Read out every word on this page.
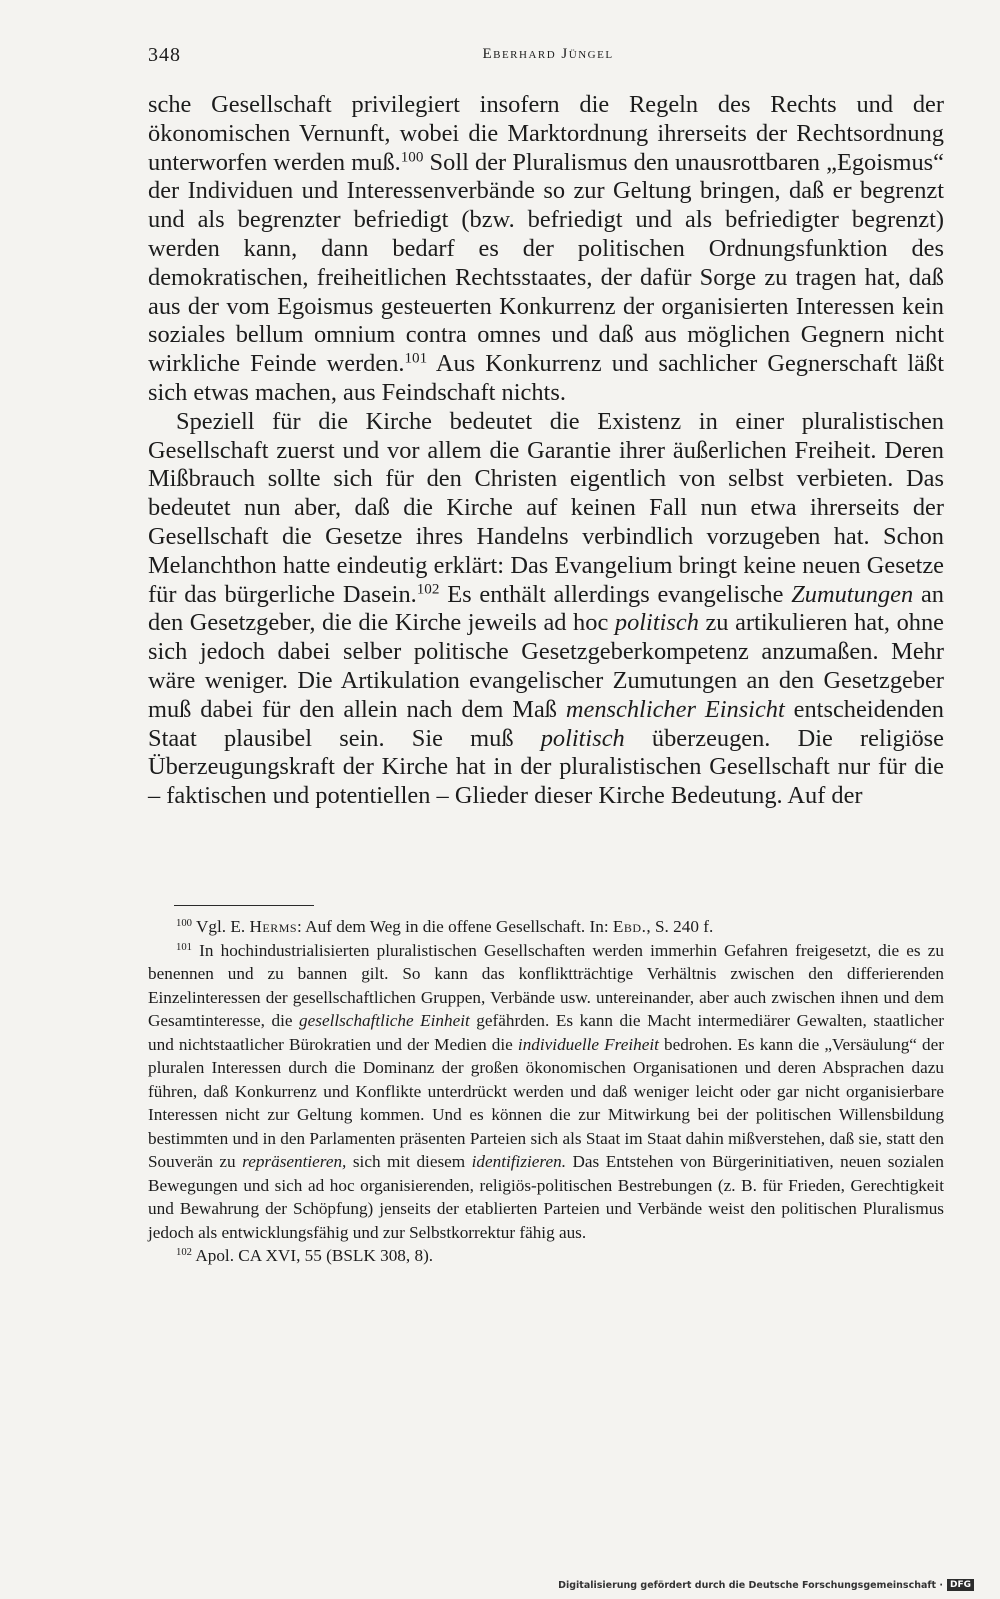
348	Eberhard Jüngel

sche Gesellschaft privilegiert insofern die Regeln des Rechts und der ökonomischen Vernunft, wobei die Marktordnung ihrerseits der Rechtsordnung unterworfen werden muß.$^{100}$ Soll der Pluralismus den unausrottbaren „Egoismus“ der Individuen und Interessenverbände so zur Geltung bringen, daß er begrenzt und als begrenzter befriedigt (bzw. befriedigt und als befriedigter begrenzt) werden kann, dann bedarf es der politischen Ordnungsfunktion des demokratischen, freiheitlichen Rechtsstaates, der dafür Sorge zu tragen hat, daß aus der vom Egoismus gesteuerten Konkurrenz der organisierten Interessen kein soziales bellum omnium contra omnes und daß aus möglichen Gegnern nicht wirkliche Feinde werden.$^{101}$ Aus Konkurrenz und sachlicher Gegnerschaft läßt sich etwas machen, aus Feindschaft nichts.

Speziell für die Kirche bedeutet die Existenz in einer pluralistischen Gesellschaft zuerst und vor allem die Garantie ihrer äußerlichen Freiheit. Deren Mißbrauch sollte sich für den Christen eigentlich von selbst verbieten. Das bedeutet nun aber, daß die Kirche auf keinen Fall nun etwa ihrerseits der Gesellschaft die Gesetze ihres Handelns verbindlich vorzugeben hat. Schon Melanchthon hatte eindeutig erklärt: Das Evangelium bringt keine neuen Gesetze für das bürgerliche Dasein.$^{102}$ Es enthält allerdings evangelische Zumutungen an den Gesetzgeber, die die Kirche jeweils ad hoc politisch zu artikulieren hat, ohne sich jedoch dabei selber politische Gesetzgeberkompetenz anzumaßen. Mehr wäre weniger. Die Artikulation evangelischer Zumutungen an den Gesetzgeber muß dabei für den allein nach dem Maß menschlicher Einsicht entscheidenden Staat plausibel sein. Sie muß politisch überzeugen. Die religiöse Überzeugungskraft der Kirche hat in der pluralistischen Gesellschaft nur für die – faktischen und potentiellen – Glieder dieser Kirche Bedeutung. Auf der

$^{100}$ Vgl. E. Herms: Auf dem Weg in die offene Gesellschaft. In: Ebd., S. 240 f.

$^{101}$ In hochindustrialisierten pluralistischen Gesellschaften werden immerhin Gefahren freigesetzt, die es zu benennen und zu bannen gilt. So kann das konfliktträchtige Verhältnis zwischen den differierenden Einzelinteressen der gesellschaftlichen Gruppen, Verbände usw. untereinander, aber auch zwischen ihnen und dem Gesamtinteresse, die gesellschaftliche Einheit gefährden. Es kann die Macht intermediärer Gewalten, staatlicher und nichtstaatlicher Bürokratien und der Medien die individuelle Freiheit bedrohen. Es kann die „Versäulung“ der pluralen Interessen durch die Dominanz der großen ökonomischen Organisationen und deren Absprachen dazu führen, daß Konkurrenz und Konflikte unterdrückt werden und daß weniger leicht oder gar nicht organisierbare Interessen nicht zur Geltung kommen. Und es können die zur Mitwirkung bei der politischen Willensbildung bestimmten und in den Parlamenten präsenten Parteien sich als Staat im Staat dahin mißverstehen, daß sie, statt den Souverän zu repräsentieren, sich mit diesem identifizieren. Das Entstehen von Bürgerinitiativen, neuen sozialen Bewegungen und sich ad hoc organisierenden, religiös-politischen Bestrebungen (z. B. für Frieden, Gerechtigkeit und Bewahrung der Schöpfung) jenseits der etablierten Parteien und Verbände weist den politischen Pluralismus jedoch als entwicklungsfähig und zur Selbstkorrektur fähig aus.

$^{102}$ Apol. CA XVI, 55 (BSLK 308, 8).

Digitalisierung gefördert durch die Deutsche Forschungsgemeinschaft · DFG
